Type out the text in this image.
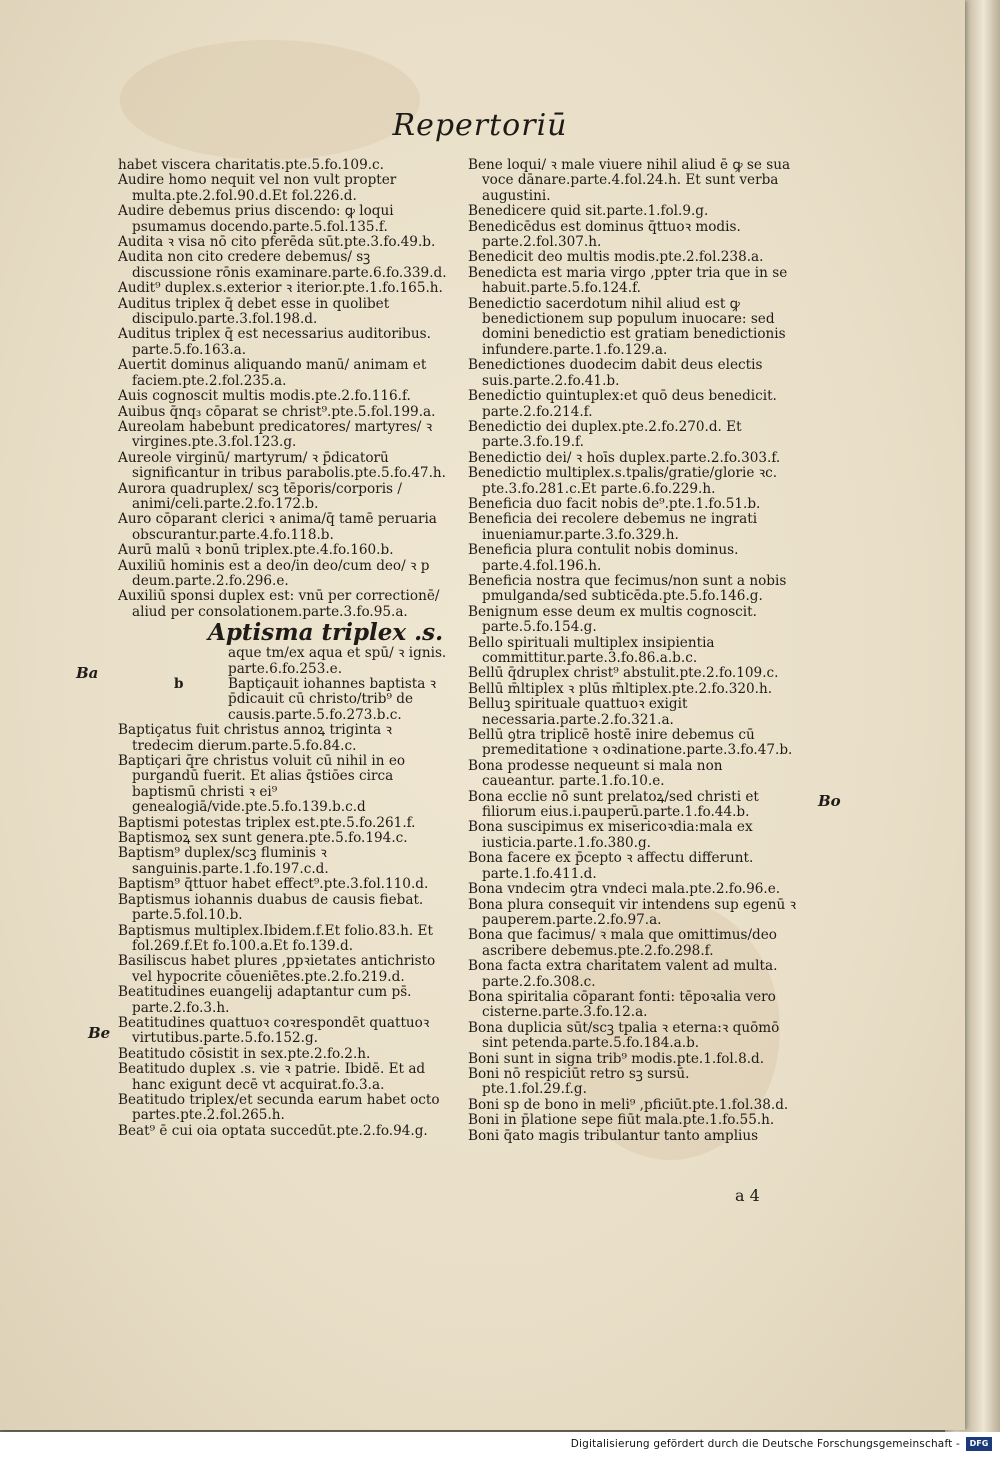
Repertoriū

habet viscera charitatis.pte.5.fo.109.c.

Audire homo nequit vel non vult propter multa.pte.2.fol.90.d.Et fol.226.d.

Audire debemus prius discendo: ꝙ loqui psumamus docendo.parte.5.fol.135.f.

Audita ꝛ visa nō cito pferēda sūt.pte.3.fo.49.b.

Audita non cito credere debemus/ sꝫ discussione rōnis examinare.parte.6.fo.339.d.

Audit⁹ duplex.s.exterior ꝛ iterior.pte.1.fo.165.h.

Auditus triplex q̄ debet esse in quolibet discipulo.parte.3.fol.198.d.

Auditus triplex q̄ est necessarius auditoribus. parte.5.fo.163.a.

Auertit dominus aliquando manū/ animam et faciem.pte.2.fol.235.a.

Auis cognoscit multis modis.pte.2.fo.116.f.

Auibus q̄nq₃ cōparat se christ⁹.pte.5.fol.199.a.

Aureolam habebunt predicatores/ martyres/ ꝛ virgines.pte.3.fol.123.g.

Aureole virginū/ martyrum/ ꝛ p̄dicatorū significantur in tribus parabolis.pte.5.fo.47.h.

Aurora quadruplex/ scꝫ tēporis/corporis / animi/celi.parte.2.fo.172.b.

Auro cōparant clerici ꝛ anima/q̄ tamē peruaria obscurantur.parte.4.fo.118.b.

Aurū malū ꝛ bonū triplex.pte.4.fo.160.b.

Auxiliū hominis est a deo/in deo/cum deo/ ꝛ p deum.parte.2.fo.296.e.

Auxiliū sponsi duplex est: vnū per correctionē/ aliud per consolationem.parte.3.fo.95.a.

Aptisma triplex .s.
aque tm/ex aqua et spū/ ꝛ ignis. parte.6.fo.253.e.
b	Baptiçauit iohannes baptista ꝛ p̄dicauit cū christo/trib⁹ de causis.parte.5.fo.273.b.c.

Baptiçatus fuit christus annoꝝ triginta ꝛ tredecim dierum.parte.5.fo.84.c.

Baptiçari q̄re christus voluit cū nihil in eo purgandū fuerit. Et alias q̄stiōes circa baptismū christi ꝛ ei⁹ genealogiā/vide.pte.5.fo.139.b.c.d

Baptismi potestas triplex est.pte.5.fo.261.f.

Baptismoꝝ sex sunt genera.pte.5.fo.194.c.

Baptism⁹ duplex/scꝫ fluminis ꝛ sanguinis.parte.1.fo.197.c.d.

Baptism⁹ q̄ttuor habet effect⁹.pte.3.fol.110.d.

Baptismus iohannis duabus de causis fiebat. parte.5.fol.10.b.

Baptismus multiplex.Ibidem.f.Et folio.83.h. Et fol.269.f.Et fo.100.a.Et fo.139.d.

Basiliscus habet plures ,ppꝛietates antichristo vel hypocrite cōueniētes.pte.2.fo.219.d.

Beatitudines euangelij adaptantur cum ps̄. parte.2.fo.3.h.

Beatitudines quattuoꝛ coꝛrespondēt quattuoꝛ virtutibus.parte.5.fo.152.g.

Beatitudo cōsistit in sex.pte.2.fo.2.h.

Beatitudo duplex .s. vie ꝛ patrie. Ibidē. Et ad hanc exigunt decē vt acquirat.fo.3.a.

Beatitudo triplex/et secunda earum habet octo partes.pte.2.fol.265.h.

Beat⁹ ē cui oia optata succedūt.pte.2.fo.94.g.

Bene loqui/ ꝛ male viuere nihil aliud ē ꝙ se sua voce dānare.parte.4.fol.24.h. Et sunt verba augustini.

Benedicere quid sit.parte.1.fol.9.g.

Benedicēdus est dominus q̄ttuoꝛ modis. parte.2.fol.307.h.

Benedicit deo multis modis.pte.2.fol.238.a.

Benedicta est maria virgo ,ppter tria que in se habuit.parte.5.fo.124.f.

Benedictio sacerdotum nihil aliud est ꝙ benedictionem sup populum inuocare: sed domini benedictio est gratiam benedictionis infundere.parte.1.fo.129.a.

Benedictiones duodecim dabit deus electis suis.parte.2.fo.41.b.

Benedictio quintuplex:et quō deus benedicit. parte.2.fo.214.f.

Benedictio dei duplex.pte.2.fo.270.d. Et parte.3.fo.19.f.

Benedictio dei/ ꝛ hoīs duplex.parte.2.fo.303.f.

Benedictio multiplex.s.tpalis/gratie/glorie ꝛc. pte.3.fo.281.c.Et parte.6.fo.229.h.

Beneficia duo facit nobis de⁹.pte.1.fo.51.b.

Beneficia dei recolere debemus ne ingrati inueniamur.parte.3.fo.329.h.

Beneficia plura contulit nobis dominus. parte.4.fol.196.h.

Beneficia nostra que fecimus/non sunt a nobis pmulganda/sed subticēda.pte.5.fo.146.g.

Benignum esse deum ex multis cognoscit. parte.5.fo.154.g.

Bello spirituali multiplex insipientia committitur.parte.3.fo.86.a.b.c.

Bellū q̄druplex christ⁹ abstulit.pte.2.fo.109.c.

Bellū m̄ltiplex ꝛ plūs m̄ltiplex.pte.2.fo.320.h.

Belluꝫ spirituale quattuoꝛ exigit necessaria.parte.2.fo.321.a.

Bellū ꝯtra triplicē hostē inire debemus cū premeditatione ꝛ oꝛdinatione.parte.3.fo.47.b.

Bona prodesse nequeunt si mala non caueantur. parte.1.fo.10.e.

Bona ecclie nō sunt prelatoꝝ/sed christi et filiorum eius.i.pauperū.parte.1.fo.44.b.

Bona suscipimus ex misericoꝛdia:mala ex iusticia.parte.1.fo.380.g.

Bona facere ex p̄cepto ꝛ affectu differunt. parte.1.fo.411.d.

Bona vndecim ꝯtra vndeci mala.pte.2.fo.96.e.

Bona plura consequit vir intendens sup egenū ꝛ pauperem.parte.2.fo.97.a.

Bona que facimus/ ꝛ mala que omittimus/deo ascribere debemus.pte.2.fo.298.f.

Bona facta extra charitatem valent ad multa. parte.2.fo.308.c.

Bona spiritalia cōparant fonti: tēpoꝛalia vero cisterne.parte.3.fo.12.a.

Bona duplicia sūt/scꝫ tpalia ꝛ eterna:ꝛ quōmō sint petenda.parte.5.fo.184.a.b.

Boni sunt in signa trib⁹ modis.pte.1.fol.8.d.

Boni nō respiciūt retro sꝫ sursū. pte.1.fol.29.f.g.

Boni sp de bono in meli⁹ ,pficiūt.pte.1.fol.38.d.

Boni in p̄latione sepe fiūt mala.pte.1.fo.55.h.

Boni q̄ato magis tribulantur tanto amplius

Ba
Be
Bo
a 4
Digitalisierung gefördert durch die Deutsche Forschungsgemeinschaft -	DFG
